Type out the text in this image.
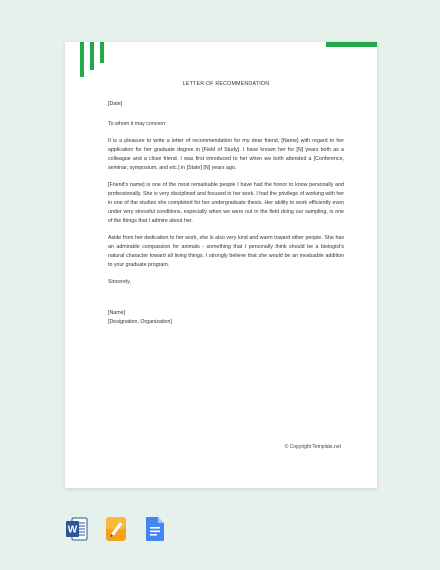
LETTER OF RECOMMENDATION

[Date]

To whom it may concern:

It is a pleasure to write a letter of recommendation for my dear friend, [Name] with regard to her application for her graduate degree in [Field of Study]. I have known her for [N] years both as a colleague and a close friend. I was first introduced to her when we both attended a [Conference, seminar, symposium, and etc.] in [State] [N] years ago.

[Friend's name] is one of the most remarkable people I have had the honor to know personally and professionally. She is very disciplined and focused in her work. I had the privilege of working with her in one of the studies she completed for her undergraduate thesis. Her ability to work efficiently even under very stressful conditions, especially when we were out in the field doing our sampling, is one of the things that I admire about her.

Aside from her dedication to her work, she is also very kind and warm toward other people. She has an admirable compassion for animals - something that I personally think should be a biologist's natural character toward all living things. I strongly believe that she would be an invaluable addition to your graduate program.

Sincerely,

[Name]

[Designation, Organization]

© Copyright Template.net
W
